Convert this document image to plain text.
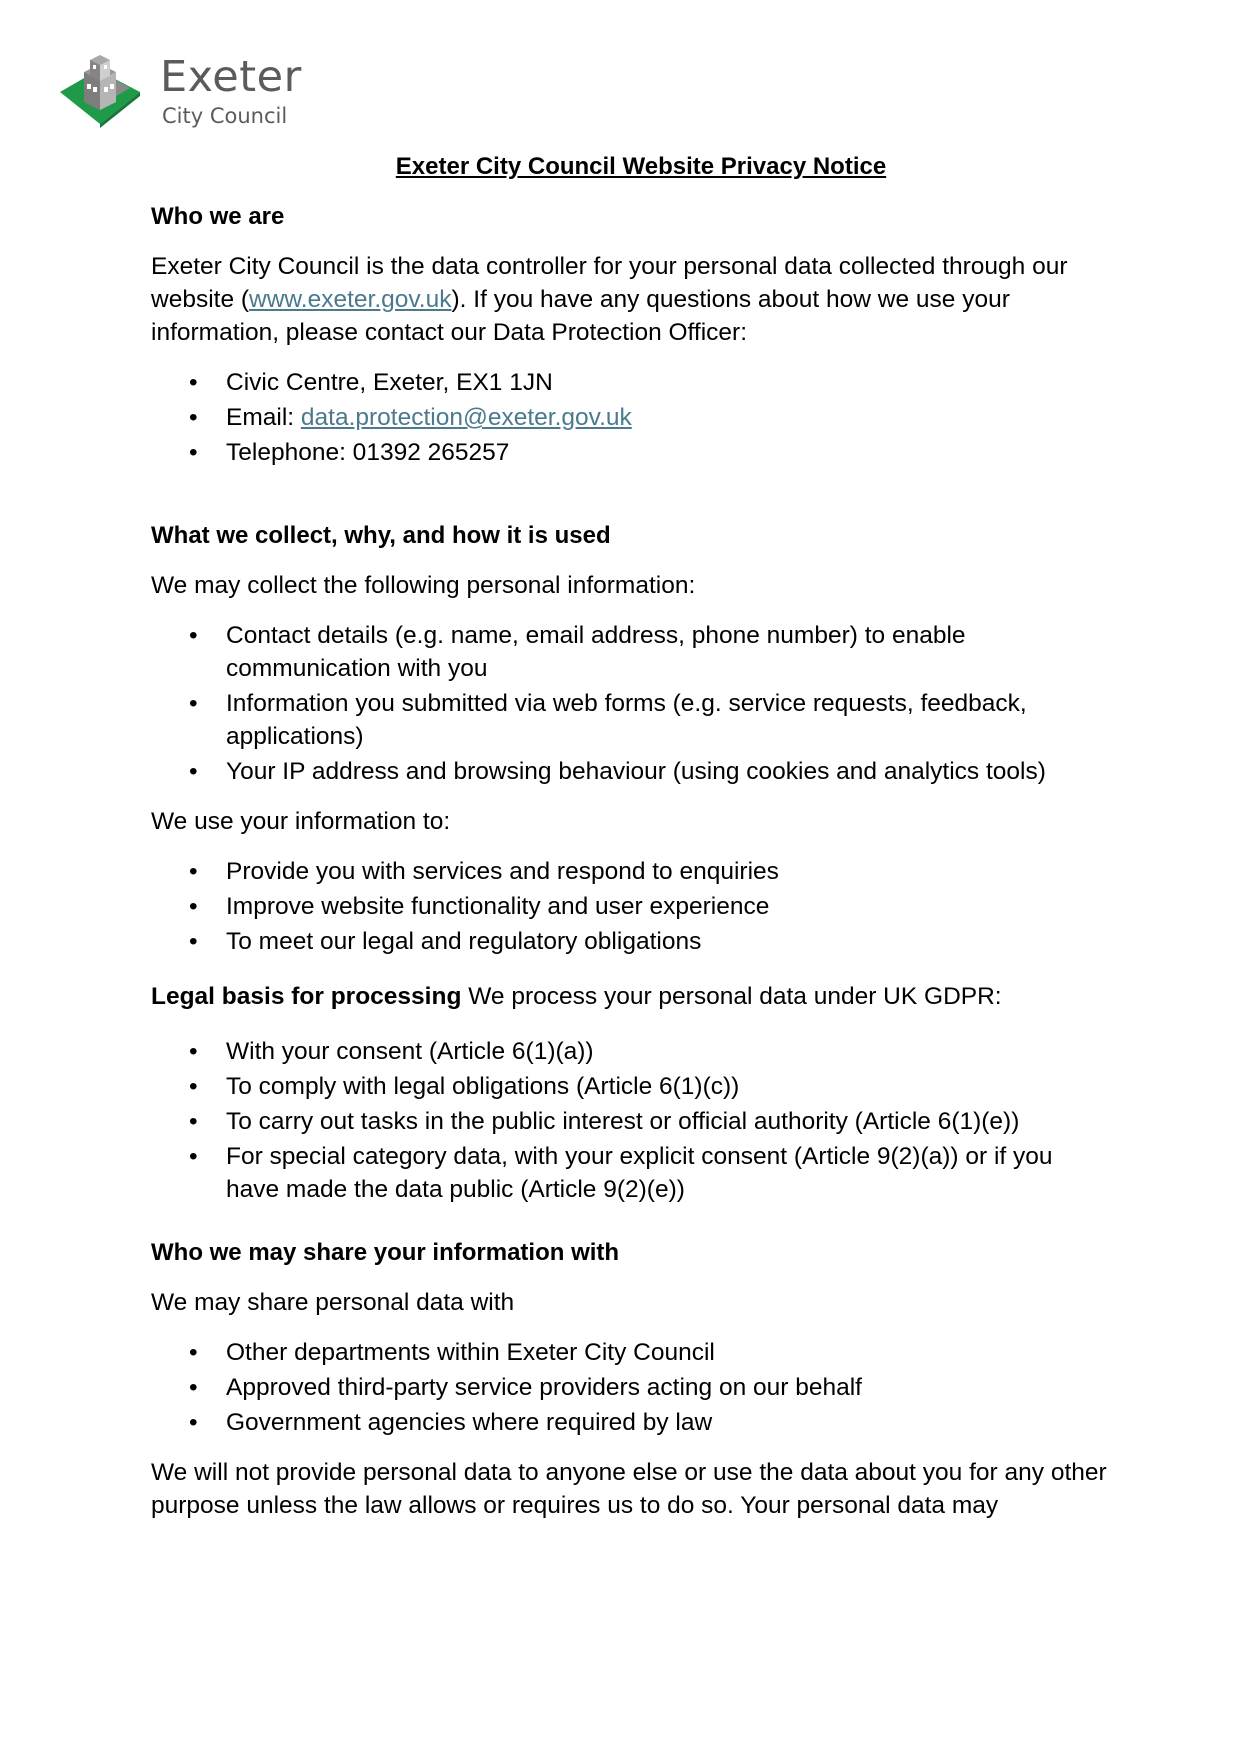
Exeter
City Council
Exeter City Council Website Privacy Notice
Who we are

Exeter City Council is the data controller for your personal data collected through our website (www.exeter.gov.uk). If you have any questions about how we use your information, please contact our Data Protection Officer:

• Civic Centre, Exeter, EX1 1JN
• Email: data.protection@exeter.gov.uk
• Telephone: 01392 265257
What we collect, why, and how it is used

We may collect the following personal information:

• Contact details (e.g. name, email address, phone number) to enable communication with you
• Information you submitted via web forms (e.g. service requests, feedback, applications)
• Your IP address and browsing behaviour (using cookies and analytics tools)

We use your information to:

• Provide you with services and respond to enquiries
• Improve website functionality and user experience
• To meet our legal and regulatory obligations

Legal basis for processing We process your personal data under UK GDPR:

• With your consent (Article 6(1)(a))
• To comply with legal obligations (Article 6(1)(c))
• To carry out tasks in the public interest or official authority (Article 6(1)(e))
• For special category data, with your explicit consent (Article 9(2)(a)) or if you have made the data public (Article 9(2)(e))
Who we may share your information with

We may share personal data with

• Other departments within Exeter City Council
• Approved third-party service providers acting on our behalf
• Government agencies where required by law

We will not provide personal data to anyone else or use the data about you for any other purpose unless the law allows or requires us to do so. Your personal data may
